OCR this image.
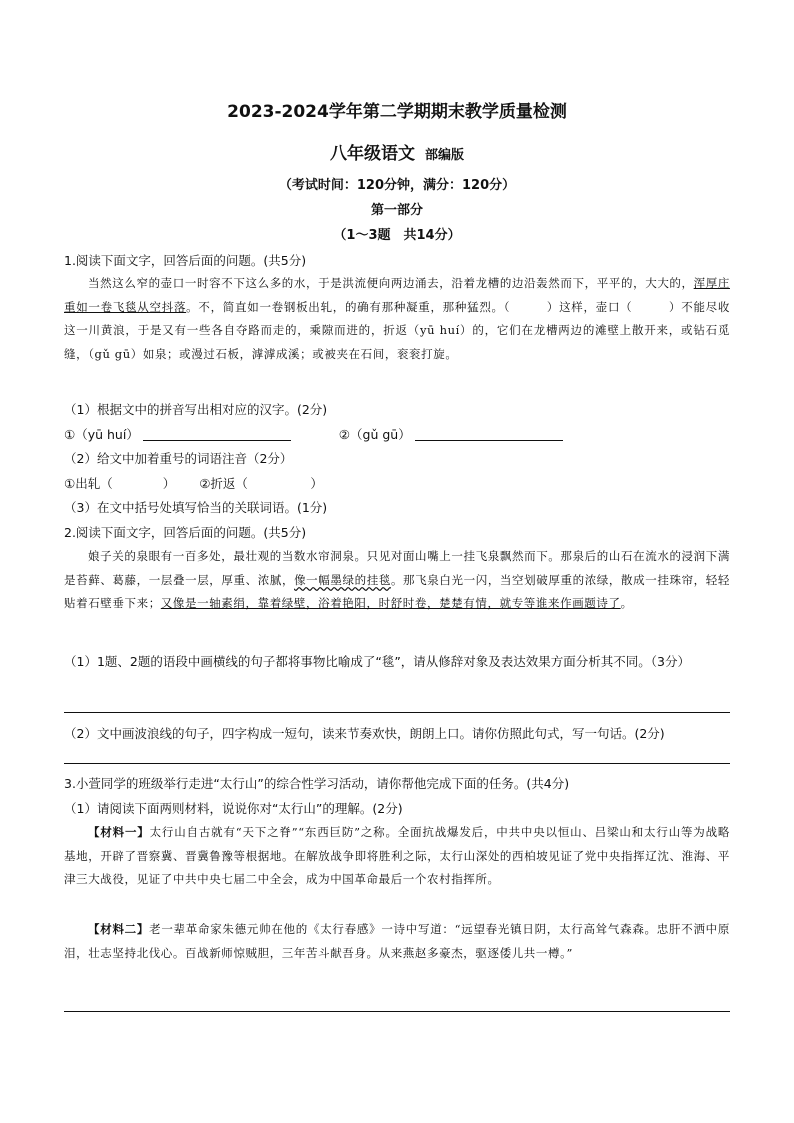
2023-2024学年第二学期期末教学质量检测
八年级语文 部编版
（考试时间：120分钟，满分：120分）
第一部分
（1～3题　共14分）
1.阅读下面文字，回答后面的问题。(共5分)
当然这么窄的壶口一时容不下这么多的水，于是洪流便向两边涌去，沿着龙槽的边沿轰然而下，平平的，大大的，浑厚庄重如一卷飞毯从空抖落。不，简直如一卷钢板出轧，的确有那种凝重，那种猛烈。（　　　）这样，壶口（　　　）不能尽收这一川黄浪，于是又有一些各自夺路而走的，乘隙而进的，折返（yū huí）的，它们在龙槽两边的滩壁上散开来，或钻石觅缝，（gǔ gū）如泉；或漫过石板，滹滹成溪；或被夹在石间，衮衮打旋。
（1）根据文中的拼音写出相对应的汉字。(2分)
①（yū huí）	②（gǔ gū）
（2）给文中加着重号的词语注音（2分）
①出轧（　　　　） ②折返（　　　　　）
（3）在文中括号处填写恰当的关联词语。(1分)
2.阅读下面文字，回答后面的问题。(共5分)
娘子关的泉眼有一百多处，最壮观的当数水帘洞泉。只见对面山嘴上一挂飞泉飘然而下。那泉后的山石在流水的浸润下满是苔藓、葛藤，一层叠一层，厚重、浓腻，像一幅墨绿的挂毯。那飞泉白光一闪，当空划破厚重的浓绿，散成一挂珠帘，轻轻贴着石壁垂下来；又像是一轴素绢，靠着绿壁，浴着艳阳，时舒时卷，楚楚有情，就专等谁来作画题诗了。
（1）1题、2题的语段中画横线的句子都将事物比喻成了“毯”，请从修辞对象及表达效果方面分析其不同。（3分）
（2）文中画波浪线的句子，四字构成一短句，读来节奏欢快，朗朗上口。请你仿照此句式，写一句话。(2分)
3.小萱同学的班级举行走进“太行山”的综合性学习活动，请你帮他完成下面的任务。(共4分)
（1）请阅读下面两则材料，说说你对“太行山”的理解。(2分)
【材料一】太行山自古就有“天下之脊”“东西巨防”之称。全面抗战爆发后，中共中央以恒山、吕梁山和太行山等为战略基地，开辟了晋察冀、晋冀鲁豫等根据地。在解放战争即将胜利之际，太行山深处的西柏坡见证了党中央指挥辽沈、淮海、平津三大战役，见证了中共中央七届二中全会，成为中国革命最后一个农村指挥所。
【材料二】老一辈革命家朱德元帅在他的《太行春感》一诗中写道：“远望春光镇日阴，太行高耸气森森。忠肝不洒中原泪，壮志坚持北伐心。百战新师惊贼胆，三年苦斗献吾身。从来燕赵多豪杰，驱逐倭儿共一樽。”
